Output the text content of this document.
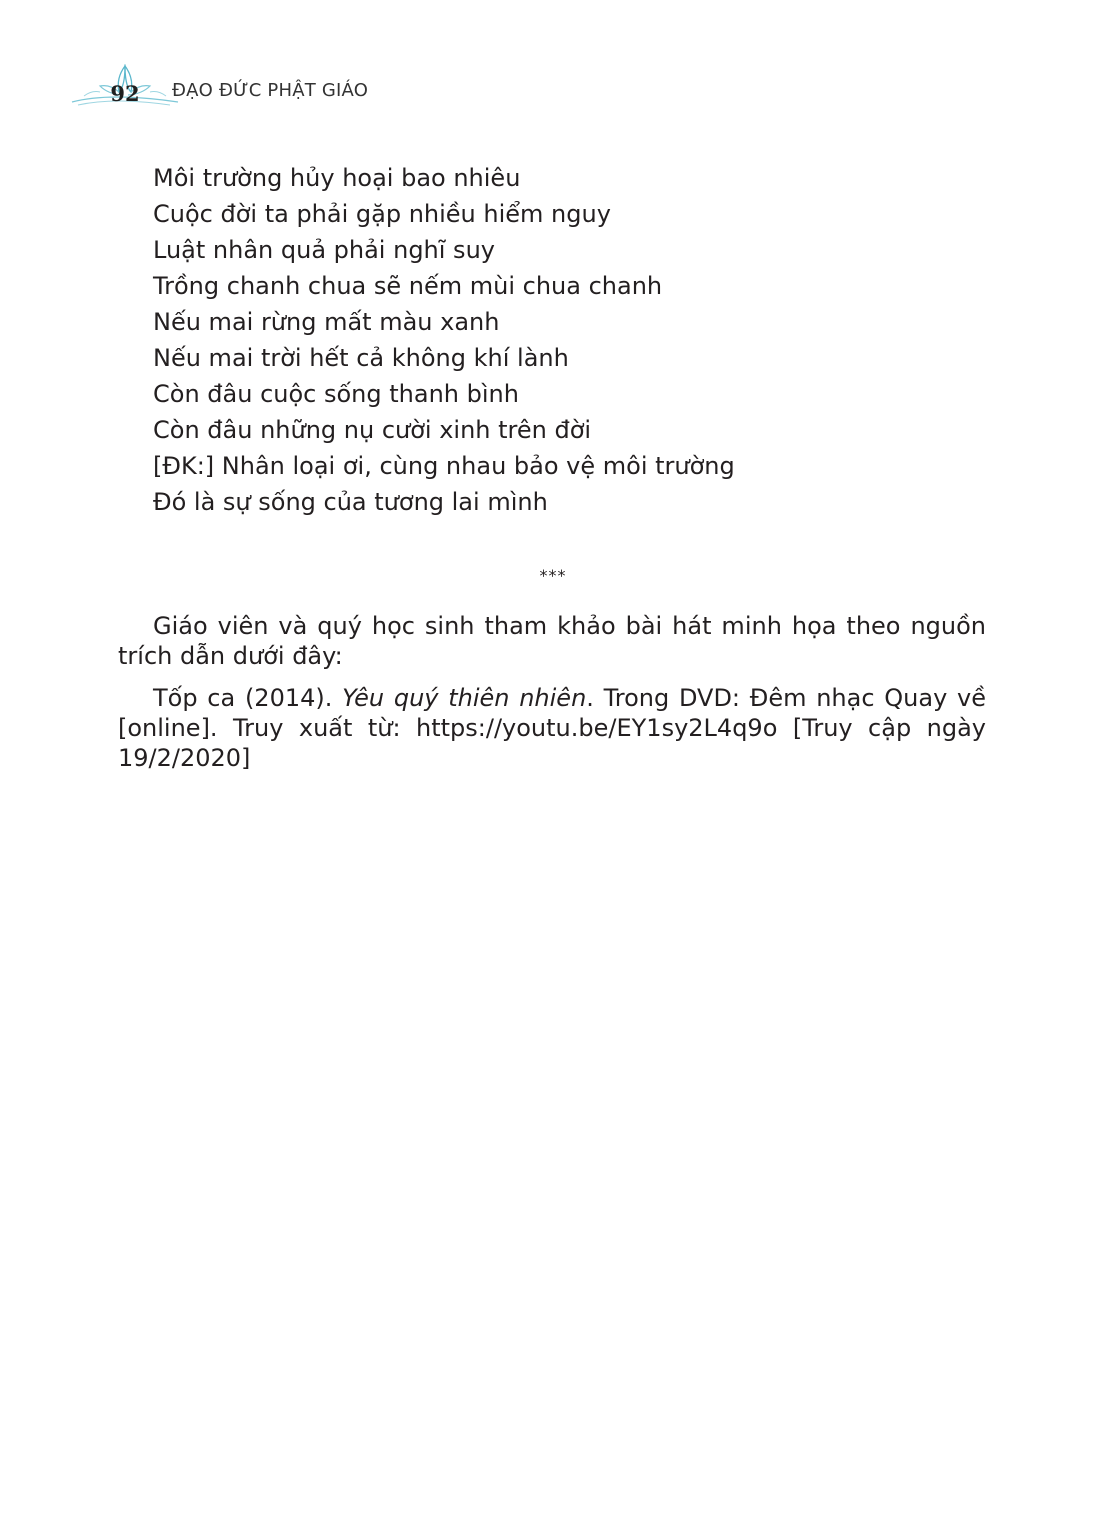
92 ĐẠO ĐỨC PHẬT GIÁO
Môi trường hủy hoại bao nhiêu
Cuộc đời ta phải gặp nhiều hiểm nguy
Luật nhân quả phải nghĩ suy
Trồng chanh chua sẽ nếm mùi chua chanh
Nếu mai rừng mất màu xanh
Nếu mai trời hết cả không khí lành
Còn đâu cuộc sống thanh bình
Còn đâu những nụ cười xinh trên đời
[ĐK:] Nhân loại ơi, cùng nhau bảo vệ môi trường
Đó là sự sống của tương lai mình
***

Giáo viên và quý học sinh tham khảo bài hát minh họa theo nguồn trích dẫn dưới đây:

Tốp ca (2014). Yêu quý thiên nhiên. Trong DVD: Đêm nhạc Quay về [online]. Truy xuất từ: https://youtu.be/EY1sy2L4q9o [Truy cập ngày 19/2/2020]
